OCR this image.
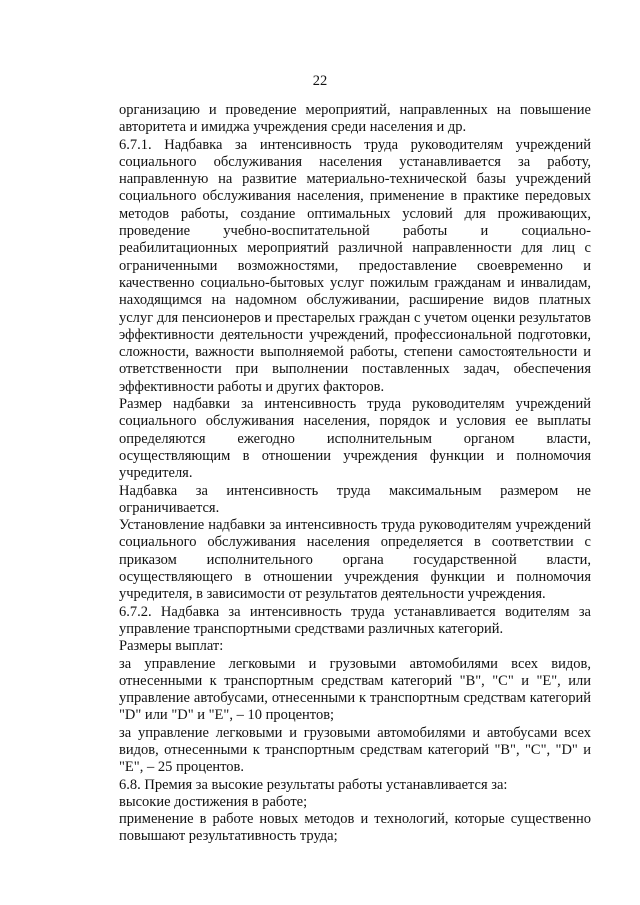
22

организацию и проведение мероприятий, направленных на повышение авторитета и имиджа учреждения среди населения и др.

6.7.1. Надбавка за интенсивность труда руководителям учреждений социального обслуживания населения устанавливается за работу, направленную на развитие материально-технической базы учреждений социального обслуживания населения, применение в практике передовых методов работы, создание оптимальных условий для проживающих, проведение учебно-воспитательной работы и социально-реабилитационных мероприятий различной направленности для лиц с ограниченными возможностями, предоставление своевременно и качественно социально-бытовых услуг пожилым гражданам и инвалидам, находящимся на надомном обслуживании, расширение видов платных услуг для пенсионеров и престарелых граждан с учетом оценки результатов эффективности деятельности учреждений, профессиональной подготовки, сложности, важности выполняемой работы, степени самостоятельности и ответственности при выполнении поставленных задач, обеспечения эффективности работы и других факторов.

Размер надбавки за интенсивность труда руководителям учреждений социального обслуживания населения, порядок и условия ее выплаты определяются ежегодно исполнительным органом власти, осуществляющим в отношении учреждения функции и полномочия учредителя.

Надбавка за интенсивность труда максимальным размером не ограничивается.

Установление надбавки за интенсивность труда руководителям учреждений социального обслуживания населения определяется в соответствии с приказом исполнительного органа государственной власти, осуществляющего в отношении учреждения функции и полномочия учредителя, в зависимости от результатов деятельности учреждения.

6.7.2. Надбавка за интенсивность труда устанавливается водителям за управление транспортными средствами различных категорий.

Размеры выплат:

за управление легковыми и грузовыми автомобилями всех видов, отнесенными к транспортным средствам категорий "B", "C" и "E", или управление автобусами, отнесенными к транспортным средствам категорий "D" или "D" и "E", – 10 процентов;

за управление легковыми и грузовыми автомобилями и автобусами всех видов, отнесенными к транспортным средствам категорий "B", "C", "D" и "E", – 25 процентов.

6.8. Премия за высокие результаты работы устанавливается за:

высокие достижения в работе;

применение в работе новых методов и технологий, которые существенно повышают результативность труда;
